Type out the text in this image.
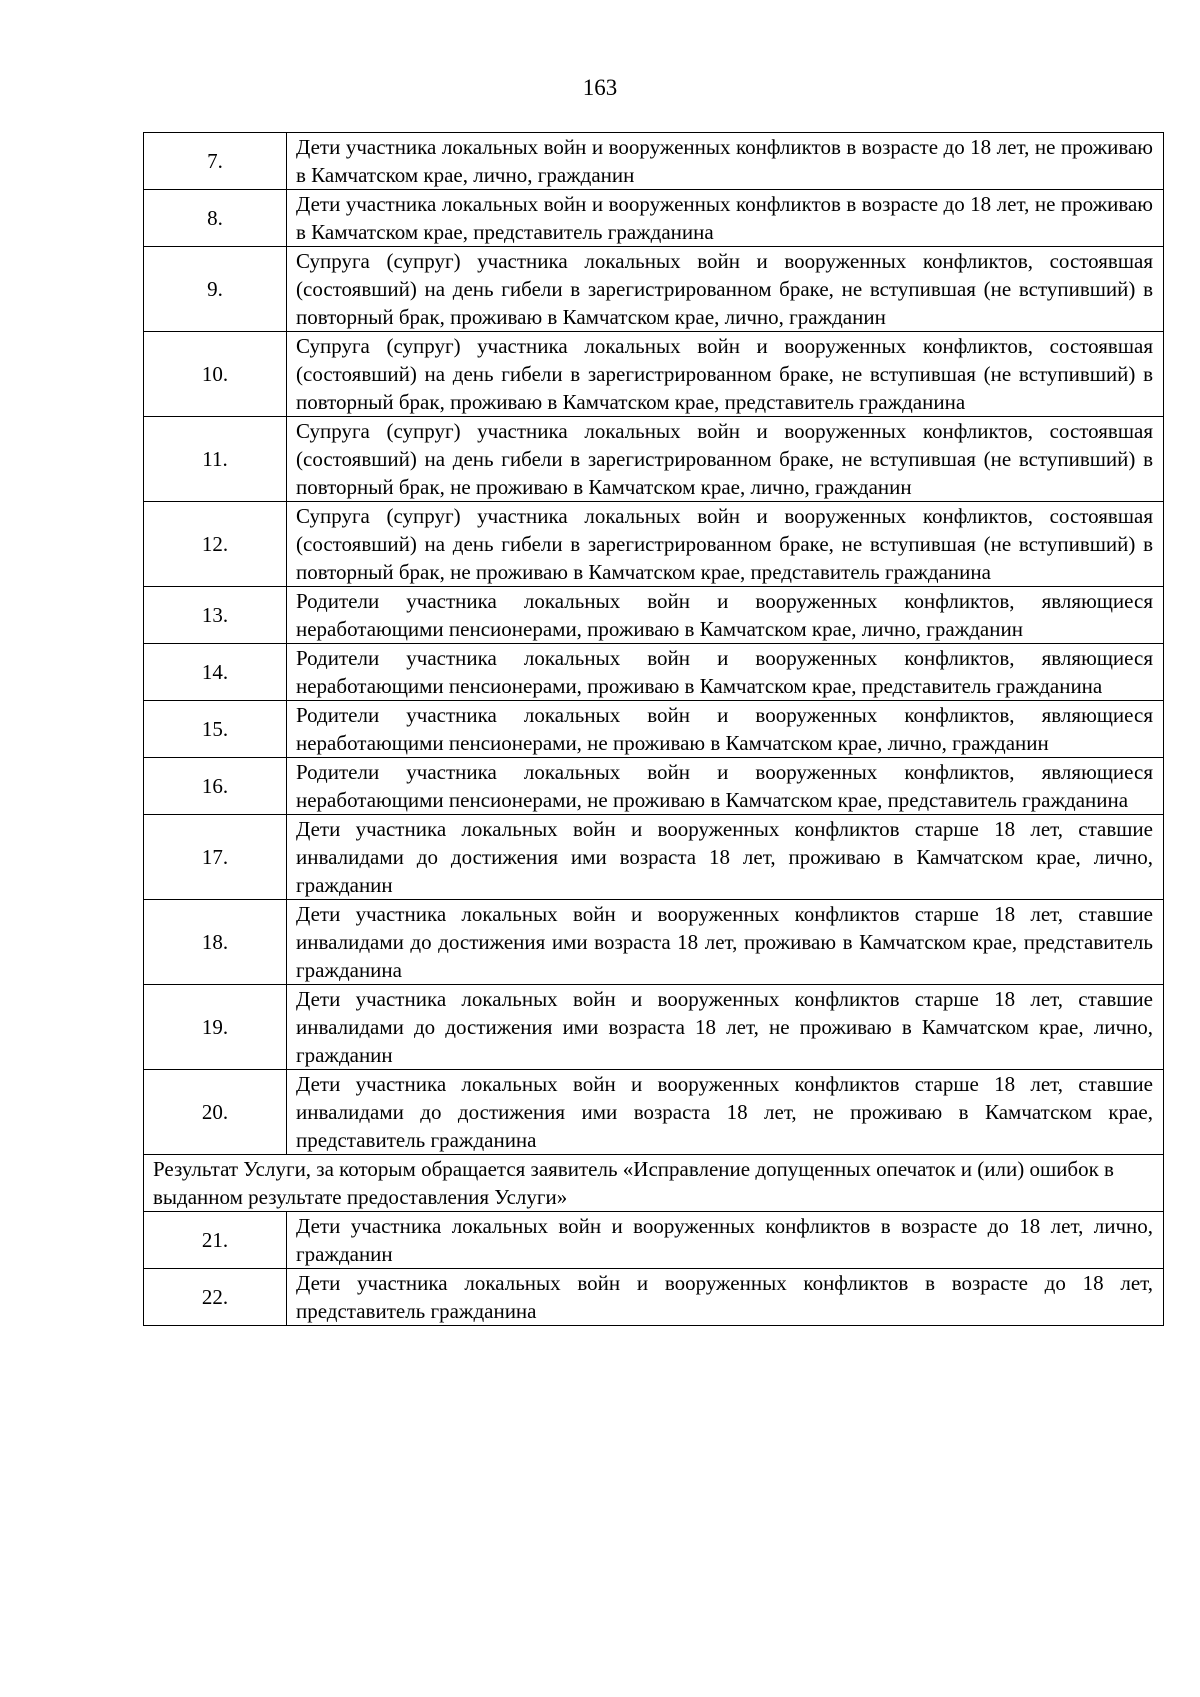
163
7.	Дети участника локальных войн и вооруженных конфликтов в возрасте до 18 лет, не проживаю в Камчатском крае, лично, гражданин
8.	Дети участника локальных войн и вооруженных конфликтов в возрасте до 18 лет, не проживаю в Камчатском крае, представитель гражданина
9.	Супруга (супруг) участника локальных войн и вооруженных конфликтов, состоявшая (состоявший) на день гибели в зарегистрированном браке, не вступившая (не вступивший) в повторный брак, проживаю в Камчатском крае, лично, гражданин
10.	Супруга (супруг) участника локальных войн и вооруженных конфликтов, состоявшая (состоявший) на день гибели в зарегистрированном браке, не вступившая (не вступивший) в повторный брак, проживаю в Камчатском крае, представитель гражданина
11.	Супруга (супруг) участника локальных войн и вооруженных конфликтов, состоявшая (состоявший) на день гибели в зарегистрированном браке, не вступившая (не вступивший) в повторный брак, не проживаю в Камчатском крае, лично, гражданин
12.	Супруга (супруг) участника локальных войн и вооруженных конфликтов, состоявшая (состоявший) на день гибели в зарегистрированном браке, не вступившая (не вступивший) в повторный брак, не проживаю в Камчатском крае, представитель гражданина
13.	Родители участника локальных войн и вооруженных конфликтов, являющиеся неработающими пенсионерами, проживаю в Камчатском крае, лично, гражданин
14.	Родители участника локальных войн и вооруженных конфликтов, являющиеся неработающими пенсионерами, проживаю в Камчатском крае, представитель гражданина
15.	Родители участника локальных войн и вооруженных конфликтов, являющиеся неработающими пенсионерами, не проживаю в Камчатском крае, лично, гражданин
16.	Родители участника локальных войн и вооруженных конфликтов, являющиеся неработающими пенсионерами, не проживаю в Камчатском крае, представитель гражданина
17.	Дети участника локальных войн и вооруженных конфликтов старше 18 лет, ставшие инвалидами до достижения ими возраста 18 лет, проживаю в Камчатском крае, лично, гражданин
18.	Дети участника локальных войн и вооруженных конфликтов старше 18 лет, ставшие инвалидами до достижения ими возраста 18 лет, проживаю в Камчатском крае, представитель гражданина
19.	Дети участника локальных войн и вооруженных конфликтов старше 18 лет, ставшие инвалидами до достижения ими возраста 18 лет, не проживаю в Камчатском крае, лично, гражданин
20.	Дети участника локальных войн и вооруженных конфликтов старше 18 лет, ставшие инвалидами до достижения ими возраста 18 лет, не проживаю в Камчатском крае, представитель гражданина
Результат Услуги, за которым обращается заявитель «Исправление допущенных опечаток и (или) ошибок в выданном результате предоставления Услуги»	
21.	Дети участника локальных войн и вооруженных конфликтов в возрасте до 18 лет, лично, гражданин
22.	Дети участника локальных войн и вооруженных конфликтов в возрасте до 18 лет, представитель гражданина
